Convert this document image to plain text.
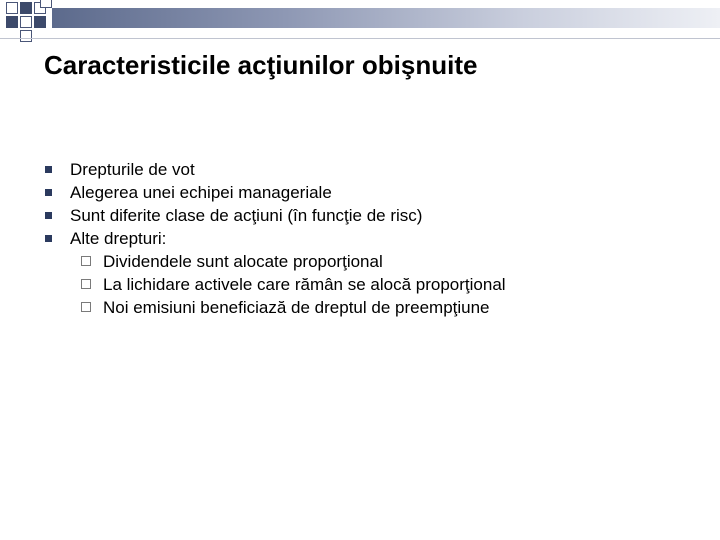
Caracteristicile acţiunilor obişnuite
Drepturile de vot
Alegerea unei echipei manageriale
Sunt diferite clase de acţiuni (în funcţie de risc)
Alte drepturi:
Dividendele sunt alocate proporţional
La lichidare activele care rămân se alocă proporţional
Noi emisiuni beneficiază de dreptul de preempţiune
